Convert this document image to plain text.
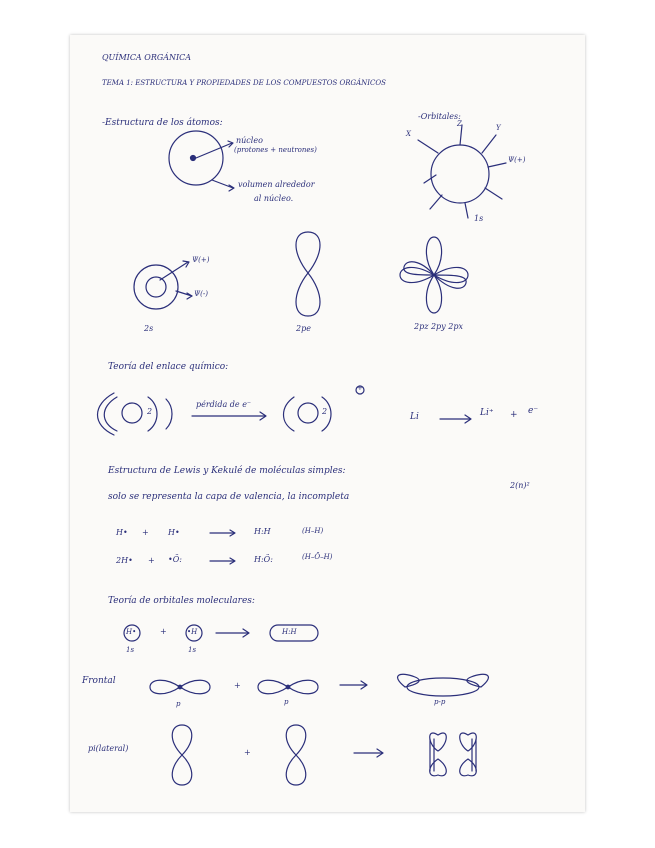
QUÍMICA ORGÁNICA
TEMA 1: ESTRUCTURA Y PROPIEDADES DE LOS COMPUESTOS ORGÁNICOS
-Estructura de los átomos:
núcleo
(protones + neutrones)
volumen alrededor
al núcleo.
-Orbitales:
X
Z	Y
Ψ(+)
1s
Ψ(+)
Ψ(-)
2s	2pe	2pz 2py 2px
Teoría del enlace químico:
pérdida de e⁻
2	2
+
Li	Li⁺ + e⁻
Estructura de Lewis y Kekulé de moléculas simples:
solo se representa la capa de valencia, la incompleta
2(n)²
H• + H•	H:H	(H–H)
2H• + •Ö:	H:Ö:	(H–Ō–H)
Teoría de orbitales moleculares:
H•	+	•H	H:H
1s	1s
Frontal	+
p	p	p-p
pi(lateral)	+
